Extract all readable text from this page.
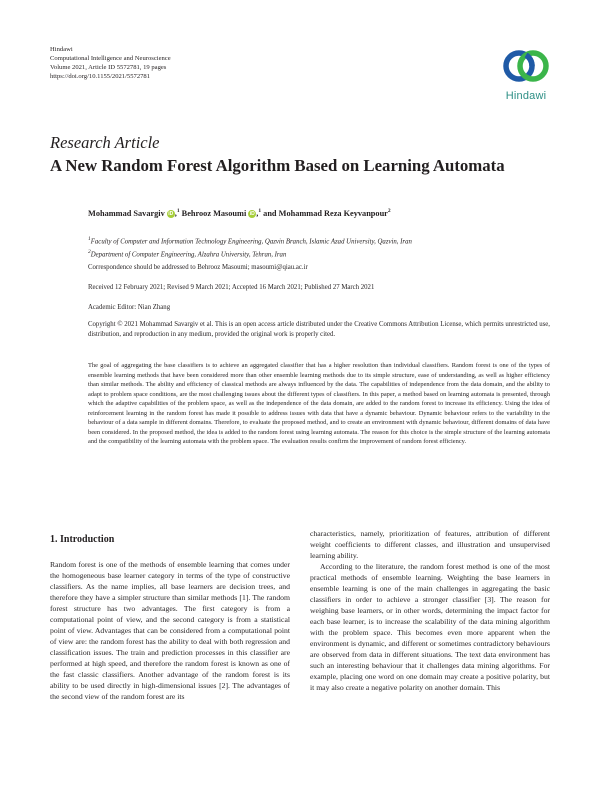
Hindawi
Computational Intelligence and Neuroscience
Volume 2021, Article ID 5572781, 19 pages
https://doi.org/10.1155/2021/5572781
Hindawi
Research Article
A New Random Forest Algorithm Based on Learning Automata
Mohammad Savargiv iD ,$^1$ Behrooz Masoumi iD ,$^1$ and Mohammad Reza Keyvanpour$^2$
$^1$Faculty of Computer and Information Technology Engineering, Qazvin Branch, Islamic Azad University, Qazvin, Iran
$^2$Department of Computer Engineering, Alzahra University, Tehran, Iran
Correspondence should be addressed to Behrooz Masoumi; masoumi@qiau.ac.ir
Received 12 February 2021; Revised 9 March 2021; Accepted 16 March 2021; Published 27 March 2021
Academic Editor: Nian Zhang
Copyright © 2021 Mohammad Savargiv et al. This is an open access article distributed under the Creative Commons Attribution License, which permits unrestricted use, distribution, and reproduction in any medium, provided the original work is properly cited.
The goal of aggregating the base classifiers is to achieve an aggregated classifier that has a higher resolution than individual classifiers. Random forest is one of the types of ensemble learning methods that have been considered more than other ensemble learning methods due to its simple structure, ease of understanding, as well as higher efficiency than similar methods. The ability and efficiency of classical methods are always influenced by the data. The capabilities of independence from the data domain, and the ability to adapt to problem space conditions, are the most challenging issues about the different types of classifiers. In this paper, a method based on learning automata is presented, through which the adaptive capabilities of the problem space, as well as the independence of the data domain, are added to the random forest to increase its efficiency. Using the idea of reinforcement learning in the random forest has made it possible to address issues with data that have a dynamic behaviour. Dynamic behaviour refers to the variability in the behaviour of a data sample in different domains. Therefore, to evaluate the proposed method, and to create an environment with dynamic behaviour, different domains of data have been considered. In the proposed method, the idea is added to the random forest using learning automata. The reason for this choice is the simple structure of the learning automata and the compatibility of the learning automata with the problem space. The evaluation results confirm the improvement of random forest efficiency.
1. Introduction

Random forest is one of the methods of ensemble learning that comes under the homogeneous base learner category in terms of the type of constructive classifiers. As the name implies, all base learners are decision trees, and therefore they have a simpler structure than similar methods [1]. The random forest structure has two advantages. The first category is from a computational point of view, and the second category is from a statistical point of view. Advantages that can be considered from a computational point of view are: the random forest has the ability to deal with both regression and classification issues. The train and prediction processes in this classifier are performed at high speed, and therefore the random forest is known as one of the fast classic classifiers. Another advantage of the random forest is its ability to be used directly in high-dimensional issues [2]. The advantages of the second view of the random forest are its

characteristics, namely, prioritization of features, attribution of different weight coefficients to different classes, and illustration and unsupervised learning ability.

According to the literature, the random forest method is one of the most practical methods of ensemble learning. Weighting the base learners in ensemble learning is one of the main challenges in aggregating the basic classifiers in order to achieve a stronger classifier [3]. The reason for weighing base learners, or in other words, determining the impact factor for each base learner, is to increase the scalability of the data mining algorithm with the problem space. This becomes even more apparent when the environment is dynamic, and different or sometimes contradictory behaviours are observed from data in different situations. The text data environment has such an interesting behaviour that it challenges data mining algorithms. For example, placing one word on one domain may create a positive polarity, but it may also create a negative polarity on another domain. This
